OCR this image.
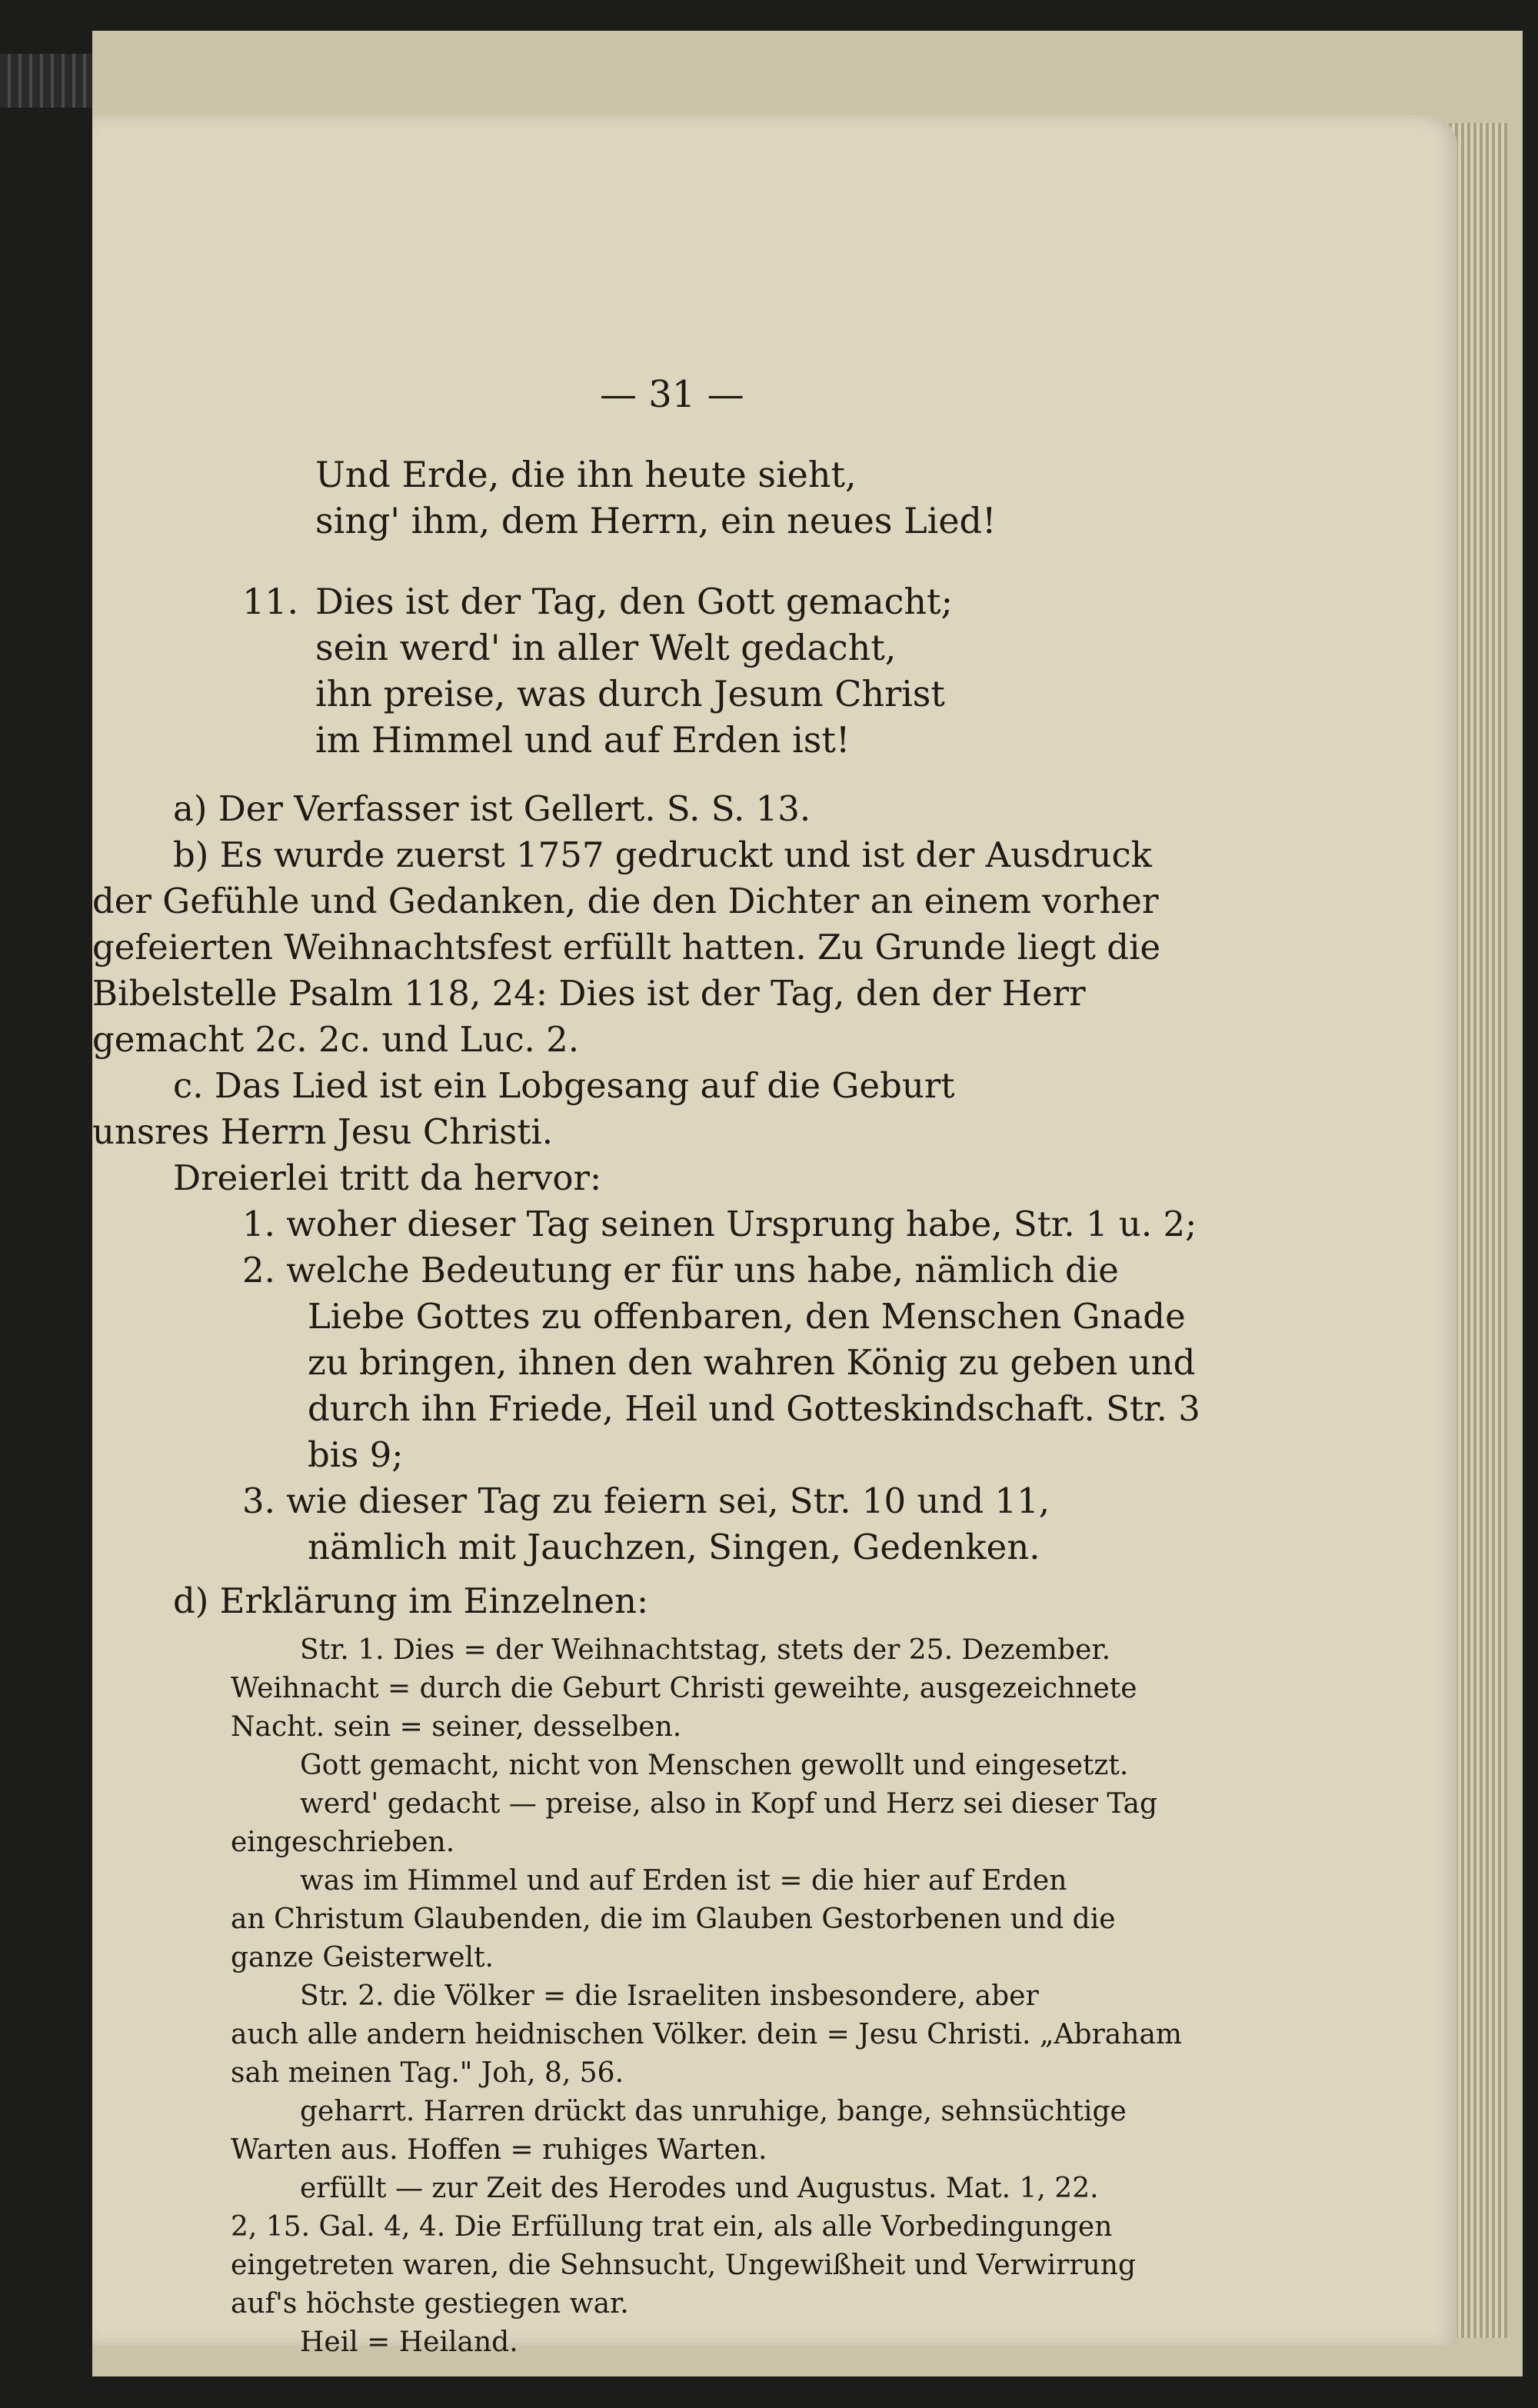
— 31 —
Und Erde, die ihn heute sieht,
sing' ihm, dem Herrn, ein neues Lied!
11. Dies ist der Tag, den Gott gemacht;
sein werd' in aller Welt gedacht,
ihn preise, was durch Jesum Christ
im Himmel und auf Erden ist!
a) Der Verfasser ist Gellert. S. S. 13.
b) Es wurde zuerst 1757 gedruckt und ist der Ausdruck
der Gefühle und Gedanken, die den Dichter an einem vorher
gefeierten Weihnachtsfest erfüllt hatten. Zu Grunde liegt die
Bibelstelle Psalm 118, 24: Dies ist der Tag, den der Herr
gemacht 2c. 2c. und Luc. 2.
c. Das Lied ist ein Lobgesang auf die Geburt
unsres Herrn Jesu Christi.
Dreierlei tritt da hervor:
1. woher dieser Tag seinen Ursprung habe, Str. 1 u. 2;
2. welche Bedeutung er für uns habe, nämlich die
Liebe Gottes zu offenbaren, den Menschen Gnade
zu bringen, ihnen den wahren König zu geben und
durch ihn Friede, Heil und Gotteskindschaft. Str. 3
bis 9;
3. wie dieser Tag zu feiern sei, Str. 10 und 11,
nämlich mit Jauchzen, Singen, Gedenken.
d) Erklärung im Einzelnen:
Str. 1. Dies = der Weihnachtstag, stets der 25. Dezember.
Weihnacht = durch die Geburt Christi geweihte, ausgezeichnete
Nacht. sein = seiner, desselben.
Gott gemacht, nicht von Menschen gewollt und eingesetzt.
werd' gedacht — preise, also in Kopf und Herz sei dieser Tag
eingeschrieben.
was im Himmel und auf Erden ist = die hier auf Erden
an Christum Glaubenden, die im Glauben Gestorbenen und die
ganze Geisterwelt.
Str. 2. die Völker = die Israeliten insbesondere, aber
auch alle andern heidnischen Völker. dein = Jesu Christi. „Abraham
sah meinen Tag." Joh, 8, 56.
geharrt. Harren drückt das unruhige, bange, sehnsüchtige
Warten aus. Hoffen = ruhiges Warten.
erfüllt — zur Zeit des Herodes und Augustus. Mat. 1, 22.
2, 15. Gal. 4, 4. Die Erfüllung trat ein, als alle Vorbedingungen
eingetreten waren, die Sehnsucht, Ungewißheit und Verwirrung
auf's höchste gestiegen war.
Heil = Heiland.
